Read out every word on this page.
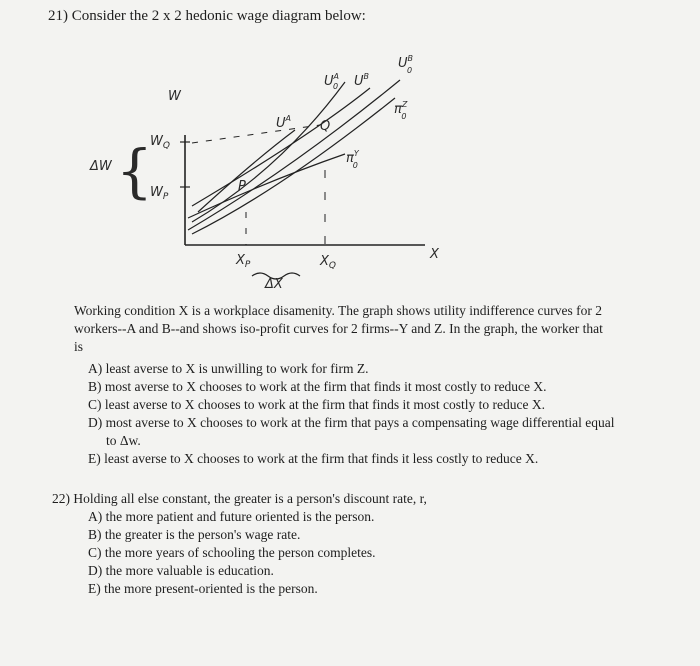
21) Consider the 2 x 2 hedonic wage diagram below:
W
X
ΔW {
$W_Q$
$W_P$
$U^A$ 0 $U^B$
$U^B$ 0
$U^A$
$\pi^Z$ 0
$\pi^Y$ 0
P
Q
$X_P$	$X_Q$
ΔX
Working condition X is a workplace disamenity. The graph shows utility indifference curves for 2
workers--A and B--and shows iso-profit curves for 2 firms--Y and Z. In the graph, the worker that
is
A) least averse to X is unwilling to work for firm Z.
B) most averse to X chooses to work at the firm that finds it most costly to reduce X.
C) least averse to X chooses to work at the firm that finds it most costly to reduce X.
D) most averse to X chooses to work at the firm that pays a compensating wage differential equal
to Δw.
E) least averse to X chooses to work at the firm that finds it less costly to reduce X.
22) Holding all else constant, the greater is a person's discount rate, r,
A) the more patient and future oriented is the person.
B) the greater is the person's wage rate.
C) the more years of schooling the person completes.
D) the more valuable is education.
E) the more present-oriented is the person.
